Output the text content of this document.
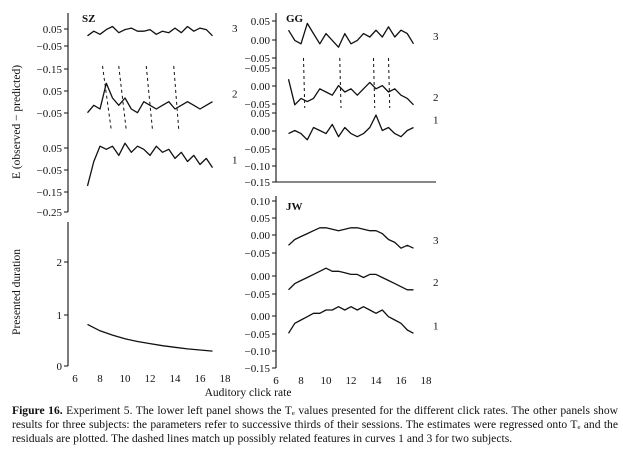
0.05
−0.05
−0.15
0.05
−0.05
0.05
−0.05
−0.15
−0.25
SZ
3
2
1
0
1
2
6 8 10 12 14 16 18
0.05
0.00
−0.05
−0.05
0.00
−0.05
0.05
0.00
−0.05
−0.10
−0.15
GG
3
2
1
0.10
0.05
0.00
−0.05
0.00
−0.05
0.00
−0.05
−0.10
−0.15
JW
3
2
1
6 8 10 12 14 16 18
E (observed − predicted)
Presented duration
Auditory click rate
Figure 16. Experiment 5. The lower left panel shows the Tₑ values presented for the different click rates. The other panels show results for three subjects: the parameters refer to successive thirds of their sessions. The estimates were regressed onto Tₑ and the residuals are plotted. The dashed lines match up possibly related features in curves 1 and 3 for two subjects.
